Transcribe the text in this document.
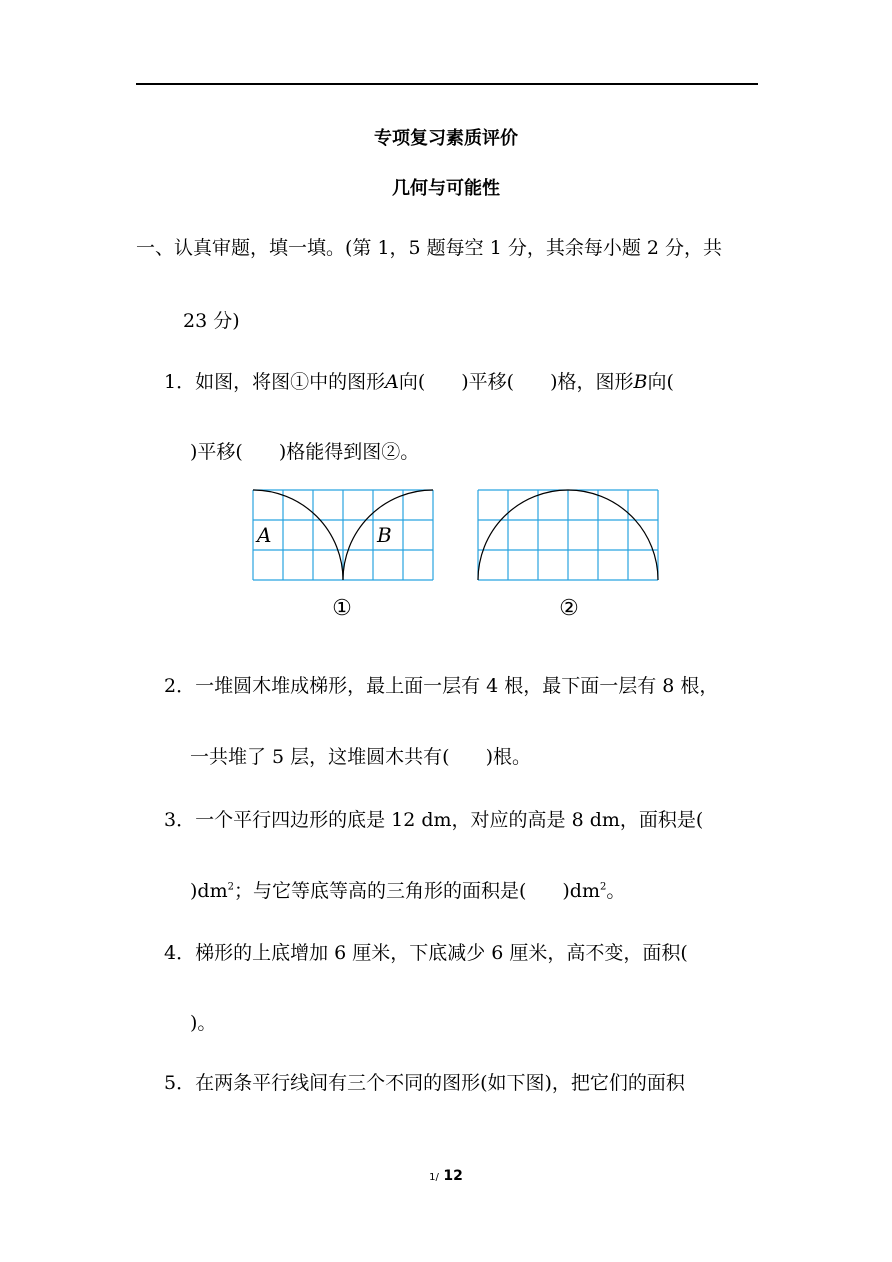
专项复习素质评价
几何与可能性
一、认真审题，填一填。(第 1，5 题每空 1 分，其余每小题 2 分，共
23 分)
1．如图，将图①中的图形A向( )平移( )格，图形B向(
)平移( )格能得到图②。
A	B
①	②
2．一堆圆木堆成梯形，最上面一层有 4 根，最下面一层有 8 根，
一共堆了 5 层，这堆圆木共有( )根。
3．一个平行四边形的底是 12 dm，对应的高是 8 dm，面积是(
)$dm^2$；与它等底等高的三角形的面积是( )$dm^2$。
4．梯形的上底增加 6 厘米，下底减少 6 厘米，高不变，面积(
)。
5．在两条平行线间有三个不同的图形(如下图)，把它们的面积
1/ 12
